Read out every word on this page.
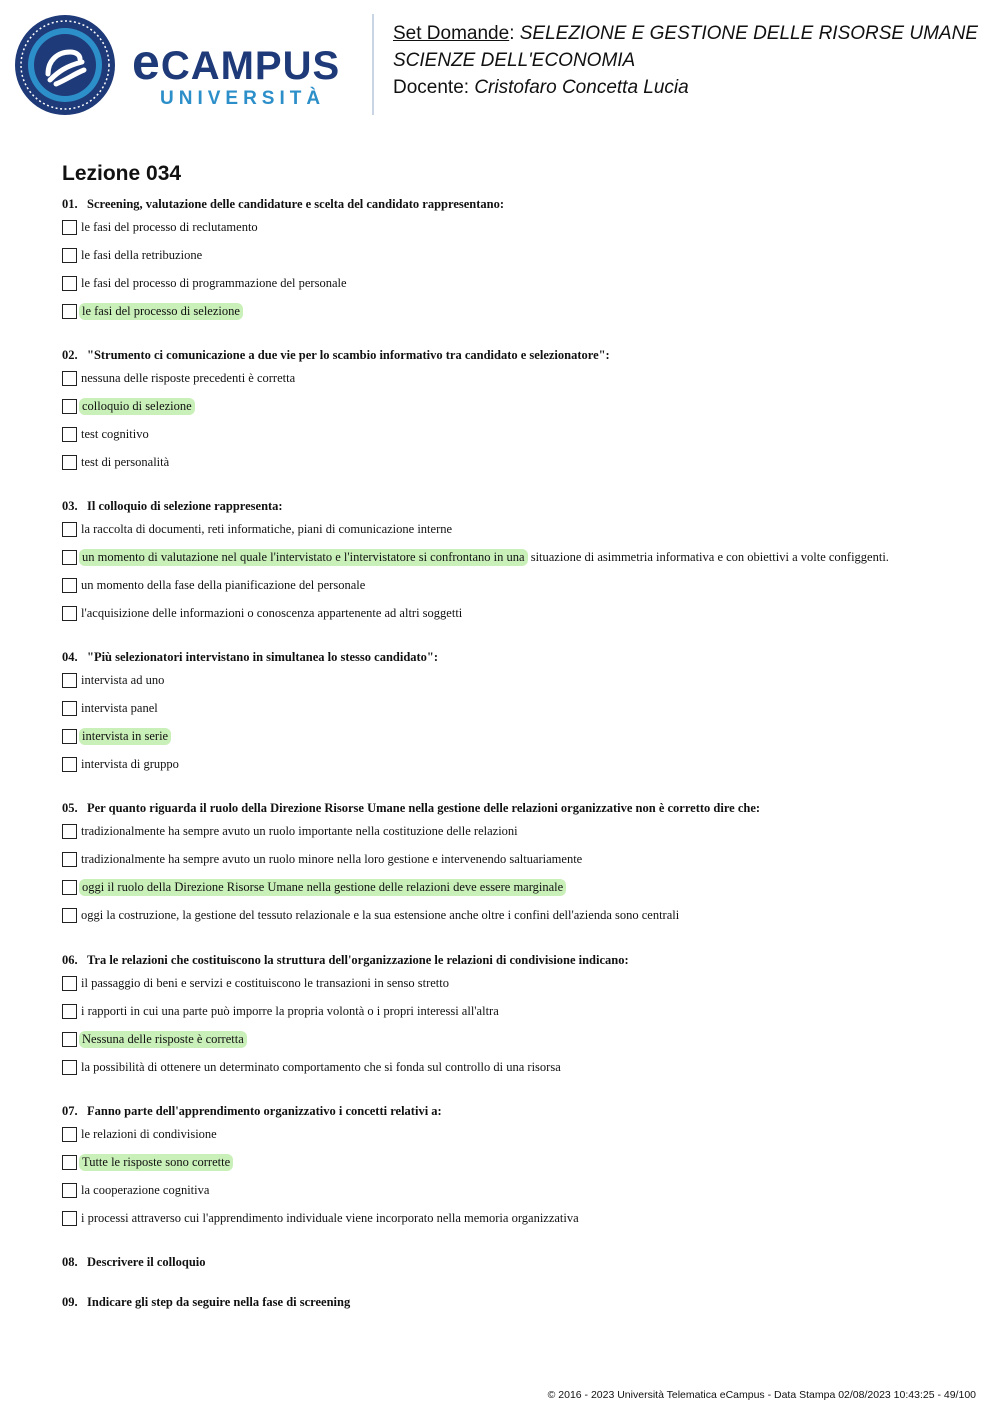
eCAMPUS
UNIVERSITÀ
Set Domande: SELEZIONE E GESTIONE DELLE RISORSE UMANE
SCIENZE DELL'ECONOMIA
Docente: Cristofaro Concetta Lucia
Lezione 034
01. Screening, valutazione delle candidature e scelta del candidato rappresentano:
le fasi del processo di reclutamento
le fasi della retribuzione
le fasi del processo di programmazione del personale
le fasi del processo di selezione
02. "Strumento ci comunicazione a due vie per lo scambio informativo tra candidato e selezionatore":
nessuna delle risposte precedenti è corretta
colloquio di selezione
test cognitivo
test di personalità
03. Il colloquio di selezione rappresenta:
la raccolta di documenti, reti informatiche, piani di comunicazione interne
un momento di valutazione nel quale l'intervistato e l'intervistatore si confrontano in una situazione di asimmetria informativa e con obiettivi a volte configgenti.
un momento della fase della pianificazione del personale
l'acquisizione delle informazioni o conoscenza appartenente ad altri soggetti
04. "Più selezionatori intervistano in simultanea lo stesso candidato":
intervista ad uno
intervista panel
intervista in serie
intervista di gruppo
05. Per quanto riguarda il ruolo della Direzione Risorse Umane nella gestione delle relazioni organizzative non è corretto dire che:
tradizionalmente ha sempre avuto un ruolo importante nella costituzione delle relazioni
tradizionalmente ha sempre avuto un ruolo minore nella loro gestione e intervenendo saltuariamente
oggi il ruolo della Direzione Risorse Umane nella gestione delle relazioni deve essere marginale
oggi la costruzione, la gestione del tessuto relazionale e la sua estensione anche oltre i confini dell'azienda sono centrali
06. Tra le relazioni che costituiscono la struttura dell'organizzazione le relazioni di condivisione indicano:
il passaggio di beni e servizi e costituiscono le transazioni in senso stretto
i rapporti in cui una parte può imporre la propria volontà o i propri interessi all'altra
Nessuna delle risposte è corretta
la possibilità di ottenere un determinato comportamento che si fonda sul controllo di una risorsa
07. Fanno parte dell'apprendimento organizzativo i concetti relativi a:
le relazioni di condivisione
Tutte le risposte sono corrette
la cooperazione cognitiva
i processi attraverso cui l'apprendimento individuale viene incorporato nella memoria organizzativa
08. Descrivere il colloquio
09. Indicare gli step da seguire nella fase di screening
© 2016 - 2023 Università Telematica eCampus - Data Stampa 02/08/2023 10:43:25 - 49/100
